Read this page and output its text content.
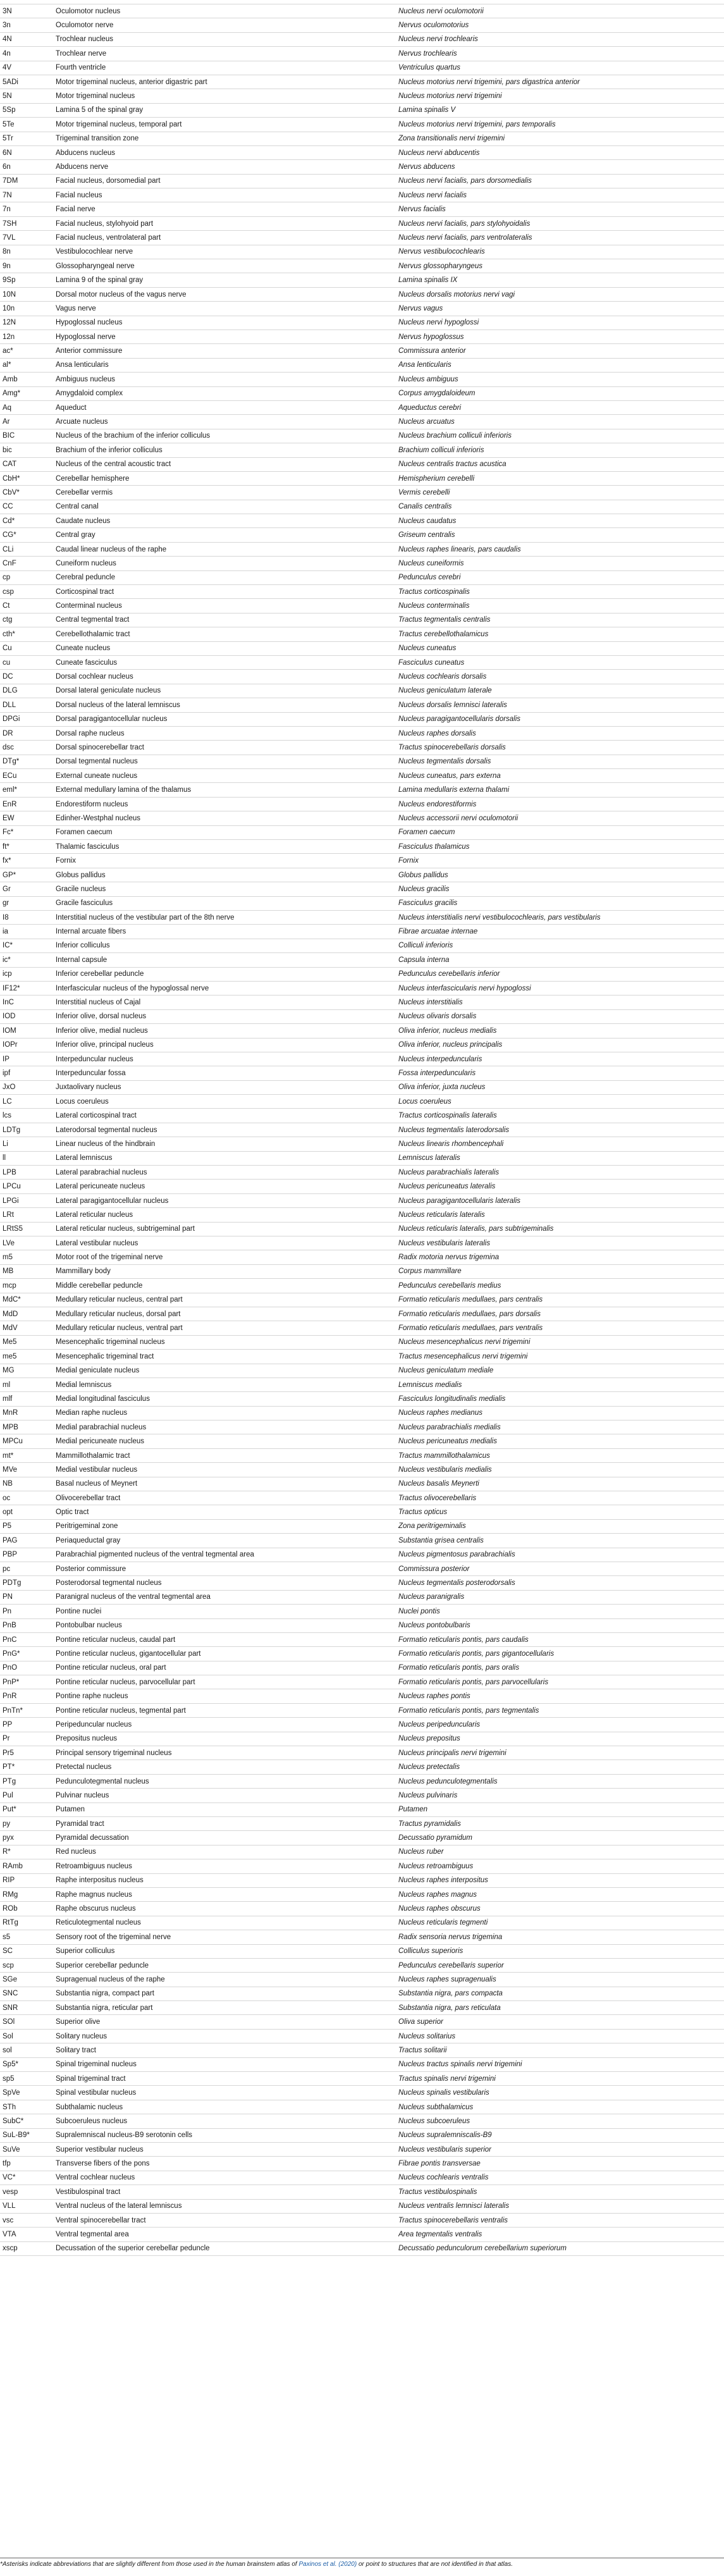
3N	Oculomotor nucleus	Nucleus nervi oculomotorii
3n	Oculomotor nerve	Nervus oculomotorius
4N	Trochlear nucleus	Nucleus nervi trochlearis
4n	Trochlear nerve	Nervus trochlearis
4V	Fourth ventricle	Ventriculus quartus
5ADi	Motor trigeminal nucleus, anterior digastric part	Nucleus motorius nervi trigemini, pars digastrica anterior
5N	Motor trigeminal nucleus	Nucleus motorius nervi trigemini
5Sp	Lamina 5 of the spinal gray	Lamina spinalis V
5Te	Motor trigeminal nucleus, temporal part	Nucleus motorius nervi trigemini, pars temporalis
5Tr	Trigeminal transition zone	Zona transitionalis nervi trigemini
6N	Abducens nucleus	Nucleus nervi abducentis
6n	Abducens nerve	Nervus abducens
7DM	Facial nucleus, dorsomedial part	Nucleus nervi facialis, pars dorsomedialis
7N	Facial nucleus	Nucleus nervi facialis
7n	Facial nerve	Nervus facialis
7SH	Facial nucleus, stylohyoid part	Nucleus nervi facialis, pars stylohyoidalis
7VL	Facial nucleus, ventrolateral part	Nucleus nervi facialis, pars ventrolateralis
8n	Vestibulocochlear nerve	Nervus vestibulocochlearis
9n	Glossopharyngeal nerve	Nervus glossopharyngeus
9Sp	Lamina 9 of the spinal gray	Lamina spinalis IX
10N	Dorsal motor nucleus of the vagus nerve	Nucleus dorsalis motorius nervi vagi
10n	Vagus nerve	Nervus vagus
12N	Hypoglossal nucleus	Nucleus nervi hypoglossi
12n	Hypoglossal nerve	Nervus hypoglossus
ac*	Anterior commissure	Commissura anterior
al*	Ansa lenticularis	Ansa lenticularis
Amb	Ambiguus nucleus	Nucleus ambiguus
Amg*	Amygdaloid complex	Corpus amygdaloideum
Aq	Aqueduct	Aqueductus cerebri
Ar	Arcuate nucleus	Nucleus arcuatus
BIC	Nucleus of the brachium of the inferior colliculus	Nucleus brachium colliculi inferioris
bic	Brachium of the inferior colliculus	Brachium colliculi inferioris
CAT	Nucleus of the central acoustic tract	Nucleus centralis tractus acustica
CbH*	Cerebellar hemisphere	Hemispherium cerebelli
CbV*	Cerebellar vermis	Vermis cerebelli
CC	Central canal	Canalis centralis
Cd*	Caudate nucleus	Nucleus caudatus
CG*	Central gray	Griseum centralis
CLi	Caudal linear nucleus of the raphe	Nucleus raphes linearis, pars caudalis
CnF	Cuneiform nucleus	Nucleus cuneiformis
cp	Cerebral peduncle	Pedunculus cerebri
csp	Corticospinal tract	Tractus corticospinalis
Ct	Conterminal nucleus	Nucleus conterminalis
ctg	Central tegmental tract	Tractus tegmentalis centralis
cth*	Cerebellothalamic tract	Tractus cerebellothalamicus
Cu	Cuneate nucleus	Nucleus cuneatus
cu	Cuneate fasciculus	Fasciculus cuneatus
DC	Dorsal cochlear nucleus	Nucleus cochlearis dorsalis
DLG	Dorsal lateral geniculate nucleus	Nucleus geniculatum laterale
DLL	Dorsal nucleus of the lateral lemniscus	Nucleus dorsalis lemnisci lateralis
DPGi	Dorsal paragigantocellular nucleus	Nucleus paragigantocellularis dorsalis
DR	Dorsal raphe nucleus	Nucleus raphes dorsalis
dsc	Dorsal spinocerebellar tract	Tractus spinocerebellaris dorsalis
DTg*	Dorsal tegmental nucleus	Nucleus tegmentalis dorsalis
ECu	External cuneate nucleus	Nucleus cuneatus, pars externa
eml*	External medullary lamina of the thalamus	Lamina medullaris externa thalami
EnR	Endorestiform nucleus	Nucleus endorestiformis
EW	Edinher-Westphal nucleus	Nucleus accessorii nervi oculomotorii
Fc*	Foramen caecum	Foramen caecum
ft*	Thalamic fasciculus	Fasciculus thalamicus
fx*	Fornix	Fornix
GP*	Globus pallidus	Globus pallidus
Gr	Gracile nucleus	Nucleus gracilis
gr	Gracile fasciculus	Fasciculus gracilis
I8	Interstitial nucleus of the vestibular part of the 8th nerve	Nucleus interstitialis nervi vestibulocochlearis, pars vestibularis
ia	Internal arcuate fibers	Fibrae arcuatae internae
IC*	Inferior colliculus	Colliculi inferioris
ic*	Internal capsule	Capsula interna
icp	Inferior cerebellar peduncle	Pedunculus cerebellaris inferior
IF12*	Interfascicular nucleus of the hypoglossal nerve	Nucleus interfascicularis nervi hypoglossi
InC	Interstitial nucleus of Cajal	Nucleus interstitialis
IOD	Inferior olive, dorsal nucleus	Nucleus olivaris dorsalis
IOM	Inferior olive, medial nucleus	Oliva inferior, nucleus medialis
IOPr	Inferior olive, principal nucleus	Oliva inferior, nucleus principalis
IP	Interpeduncular nucleus	Nucleus interpeduncularis
ipf	Interpeduncular fossa	Fossa interpeduncularis
JxO	Juxtaolivary nucleus	Oliva inferior, juxta nucleus
LC	Locus coeruleus	Locus coeruleus
lcs	Lateral corticospinal tract	Tractus corticospinalis lateralis
LDTg	Laterodorsal tegmental nucleus	Nucleus tegmentalis laterodorsalis
Li	Linear nucleus of the hindbrain	Nucleus linearis rhombencephali
ll	Lateral lemniscus	Lemniscus lateralis
LPB	Lateral parabrachial nucleus	Nucleus parabrachialis lateralis
LPCu	Lateral pericuneate nucleus	Nucleus pericuneatus lateralis
LPGi	Lateral paragigantocellular nucleus	Nucleus paragigantocellularis lateralis
LRt	Lateral reticular nucleus	Nucleus reticularis lateralis
LRtS5	Lateral reticular nucleus, subtrigeminal part	Nucleus reticularis lateralis, pars subtrigeminalis
LVe	Lateral vestibular nucleus	Nucleus vestibularis lateralis
m5	Motor root of the trigeminal nerve	Radix motoria nervus trigemina
MB	Mammillary body	Corpus mammillare
mcp	Middle cerebellar peduncle	Pedunculus cerebellaris medius
MdC*	Medullary reticular nucleus, central part	Formatio reticularis medullaes, pars centralis
MdD	Medullary reticular nucleus, dorsal part	Formatio reticularis medullaes, pars dorsalis
MdV	Medullary reticular nucleus, ventral part	Formatio reticularis medullaes, pars ventralis
Me5	Mesencephalic trigeminal nucleus	Nucleus mesencephalicus nervi trigemini
me5	Mesencephalic trigeminal tract	Tractus mesencephalicus nervi trigemini
MG	Medial geniculate nucleus	Nucleus geniculatum mediale
ml	Medial lemniscus	Lemniscus medialis
mlf	Medial longitudinal fasciculus	Fasciculus longitudinalis medialis
MnR	Median raphe nucleus	Nucleus raphes medianus
MPB	Medial parabrachial nucleus	Nucleus parabrachialis medialis
MPCu	Medial pericuneate nucleus	Nucleus pericuneatus medialis
mt*	Mammillothalamic tract	Tractus mammillothalamicus
MVe	Medial vestibular nucleus	Nucleus vestibularis medialis
NB	Basal nucleus of Meynert	Nucleus basalis Meynerti
oc	Olivocerebellar tract	Tractus olivocerebellaris
opt	Optic tract	Tractus opticus
P5	Peritrigeminal zone	Zona peritrigeminalis
PAG	Periaqueductal gray	Substantia grisea centralis
PBP	Parabrachial pigmented nucleus of the ventral tegmental area	Nucleus pigmentosus parabrachialis
pc	Posterior commissure	Commissura posterior
PDTg	Posterodorsal tegmental nucleus	Nucleus tegmentalis posterodorsalis
PN	Paranigral nucleus of the ventral tegmental area	Nucleus paranigralis
Pn	Pontine nuclei	Nuclei pontis
PnB	Pontobulbar nucleus	Nucleus pontobulbaris
PnC	Pontine reticular nucleus, caudal part	Formatio reticularis pontis, pars caudalis
PnG*	Pontine reticular nucleus, gigantocellular part	Formatio reticularis pontis, pars gigantocellularis
PnO	Pontine reticular nucleus, oral part	Formatio reticularis pontis, pars oralis
PnP*	Pontine reticular nucleus, parvocellular part	Formatio reticularis pontis, pars parvocellularis
PnR	Pontine raphe nucleus	Nucleus raphes pontis
PnTn*	Pontine reticular nucleus, tegmental part	Formatio reticularis pontis, pars tegmentalis
PP	Peripeduncular nucleus	Nucleus peripeduncularis
Pr	Prepositus nucleus	Nucleus prepositus
Pr5	Principal sensory trigeminal nucleus	Nucleus principalis nervi trigemini
PT*	Pretectal nucleus	Nucleus pretectalis
PTg	Pedunculotegmental nucleus	Nucleus pedunculotegmentalis
Pul	Pulvinar nucleus	Nucleus pulvinaris
Put*	Putamen	Putamen
py	Pyramidal tract	Tractus pyramidalis
pyx	Pyramidal decussation	Decussatio pyramidum
R*	Red nucleus	Nucleus ruber
RAmb	Retroambiguus nucleus	Nucleus retroambiguus
RIP	Raphe interpositus nucleus	Nucleus raphes interpositus
RMg	Raphe magnus nucleus	Nucleus raphes magnus
ROb	Raphe obscurus nucleus	Nucleus raphes obscurus
RtTg	Reticulotegmental nucleus	Nucleus reticularis tegmenti
s5	Sensory root of the trigeminal nerve	Radix sensoria nervus trigemina
SC	Superior colliculus	Colliculus superioris
scp	Superior cerebellar peduncle	Pedunculus cerebellaris superior
SGe	Supragenual nucleus of the raphe	Nucleus raphes supragenualis
SNC	Substantia nigra, compact part	Substantia nigra, pars compacta
SNR	Substantia nigra, reticular part	Substantia nigra, pars reticulata
SOl	Superior olive	Oliva superior
Sol	Solitary nucleus	Nucleus solitarius
sol	Solitary tract	Tractus solitarii
Sp5*	Spinal trigeminal nucleus	Nucleus tractus spinalis nervi trigemini
sp5	Spinal trigeminal tract	Tractus spinalis nervi trigemini
SpVe	Spinal vestibular nucleus	Nucleus spinalis vestibularis
STh	Subthalamic nucleus	Nucleus subthalamicus
SubC*	Subcoeruleus nucleus	Nucleus subcoeruleus
SuL-B9*	Supralemniscal nucleus-B9 serotonin cells	Nucleus supralemniscalis-B9
SuVe	Superior vestibular nucleus	Nucleus vestibularis superior
tfp	Transverse fibers of the pons	Fibrae pontis transversae
VC*	Ventral cochlear nucleus	Nucleus cochlearis ventralis
vesp	Vestibulospinal tract	Tractus vestibulospinalis
VLL	Ventral nucleus of the lateral lemniscus	Nucleus ventralis lemnisci lateralis
vsc	Ventral spinocerebellar tract	Tractus spinocerebellaris ventralis
VTA	Ventral tegmental area	Area tegmentalis ventralis
xscp	Decussation of the superior cerebellar peduncle	Decussatio pedunculorum cerebellarium superiorum
*Asterisks indicate abbreviations that are slightly different from those used in the human brainstem atlas of Paxinos et al. (2020) or point to structures that are not identified in that atlas.
